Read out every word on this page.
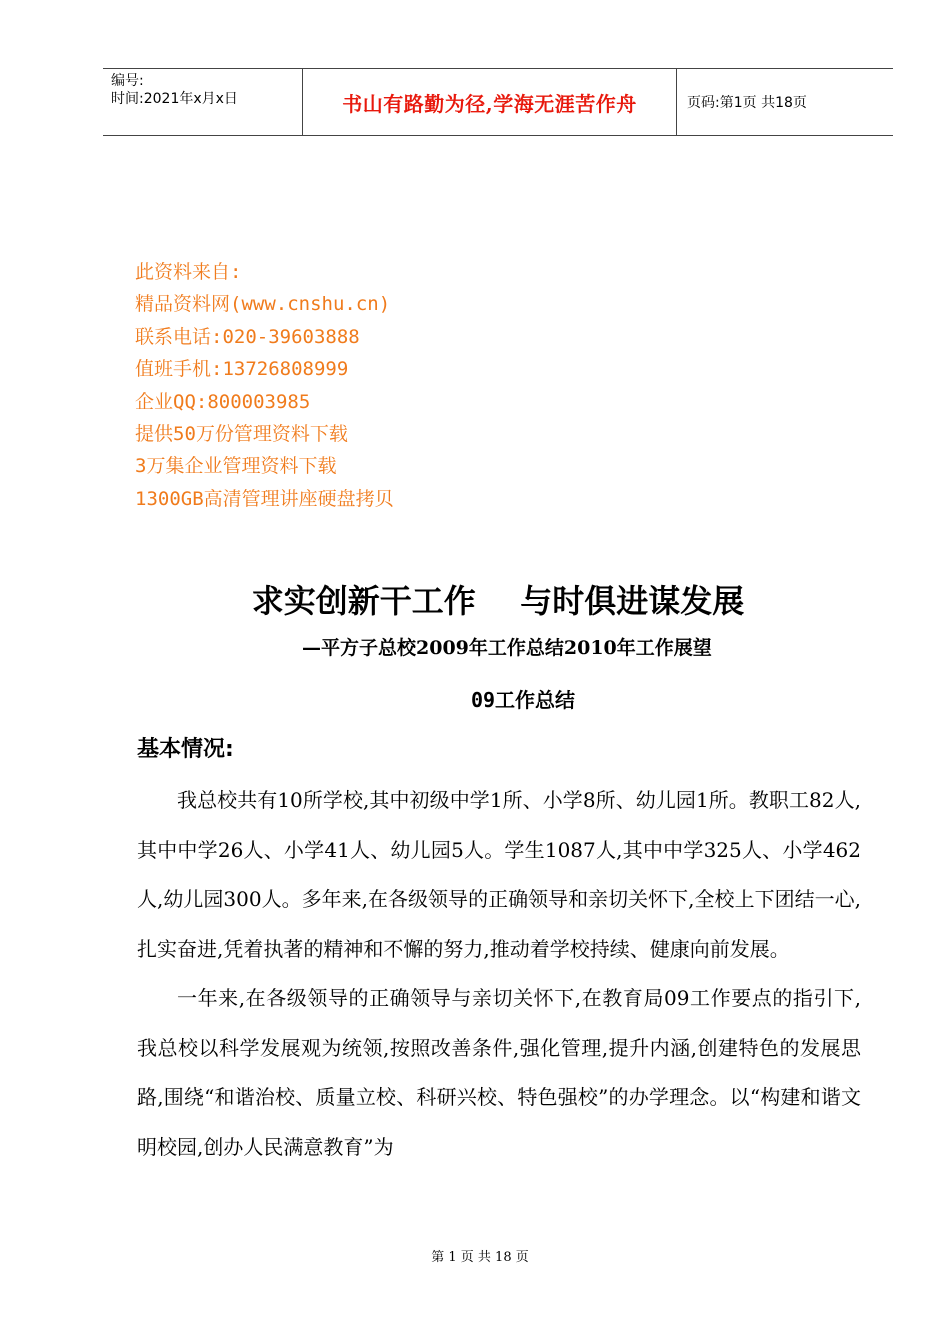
编号:
时间:2021年x月x日	书山有路勤为径,学海无涯苦作舟	页码:第1页 共18页
此资料来自:
精品资料网(www.cnshu.cn)
联系电话:020-39603888
值班手机:13726808999
企业QQ:800003985
提供50万份管理资料下载
3万集企业管理资料下载
1300GB高清管理讲座硬盘拷贝
求实创新干工作    与时俱进谋发展
—平方子总校2009年工作总结2010年工作展望
09工作总结
基本情况:

我总校共有10所学校,其中初级中学1所、小学8所、幼儿园1所。教职工82人,其中中学26人、小学41人、幼儿园5人。学生1087人,其中中学325人、小学462人,幼儿园300人。多年来,在各级领导的正确领导和亲切关怀下,全校上下团结一心,扎实奋进,凭着执著的精神和不懈的努力,推动着学校持续、健康向前发展。

一年来,在各级领导的正确领导与亲切关怀下,在教育局09工作要点的指引下,我总校以科学发展观为统领,按照改善条件,强化管理,提升内涵,创建特色的发展思路,围绕“和谐治校、质量立校、科研兴校、特色强校”的办学理念。以“构建和谐文明校园,创办人民满意教育”为

第 1 页 共 18 页
